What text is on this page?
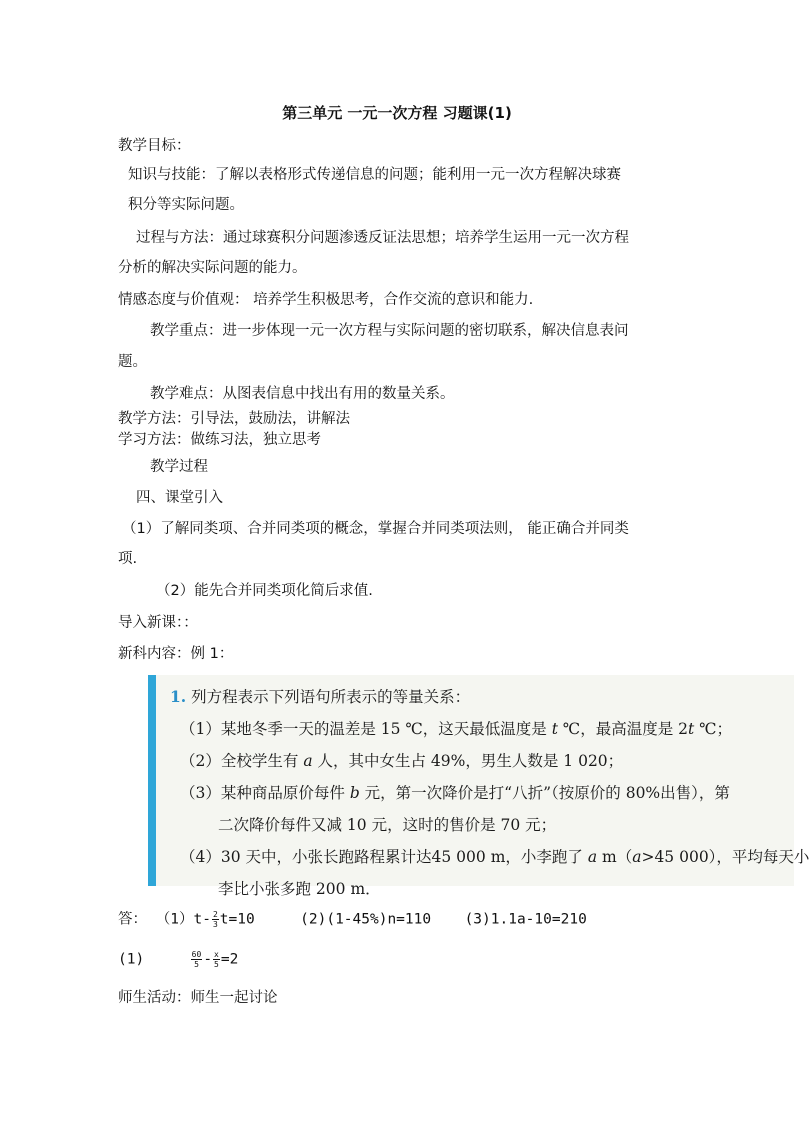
第三单元 一元一次方程 习题课(1)
教学目标：
知识与技能：了解以表格形式传递信息的问题；能利用一元一次方程解决球赛
积分等实际问题。
过程与方法：通过球赛积分问题渗透反证法思想；培养学生运用一元一次方程
分析的解决实际问题的能力。
情感态度与价值观： 培养学生积极思考，合作交流的意识和能力.
教学重点：进一步体现一元一次方程与实际问题的密切联系，解决信息表问
题。
教学难点：从图表信息中找出有用的数量关系。
教学方法：引导法，鼓励法，讲解法
学习方法：做练习法，独立思考
教学过程
四、课堂引入
（1）了解同类项、合并同类项的概念，掌握合并同类项法则， 能正确合并同类
项.
（2）能先合并同类项化简后求值.
导入新课：：
新科内容：例 1：
1. 列方程表示下列语句所表示的等量关系：
（1）某地冬季一天的温差是 15 ℃，这天最低温度是 t ℃，最高温度是 2t ℃；
（2）全校学生有 a 人，其中女生占 49%，男生人数是 1 020；
（3）某种商品原价每件 b 元，第一次降价是打“八折”（按原价的 80%出售），第
二次降价每件又减 10 元，这时的售价是 70 元；
（4）30 天中，小张长跑路程累计达45 000 m，小李跑了 a m（a>45 000），平均每天小
李比小张多跑 200 m．
答： $(1)t- \frac{2}{3} t=10$	(2)(1-45%)n=110 (3)1.1a-10=210
(1)	$\frac{60}{5} - \frac{x}{5} =2$
师生活动：师生一起讨论
